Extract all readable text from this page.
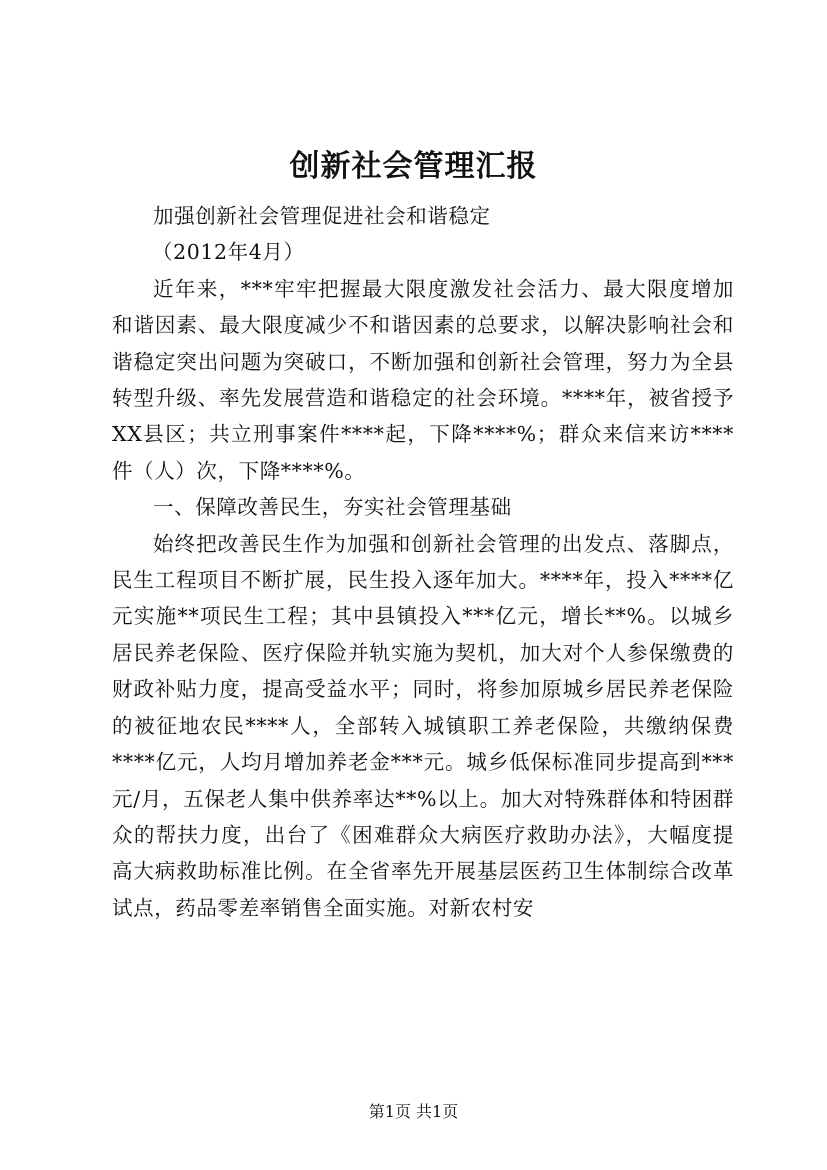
创新社会管理汇报

加强创新社会管理促进社会和谐稳定

（2012年4月）

近年来，***牢牢把握最大限度激发社会活力、最大限度增加和谐因素、最大限度减少不和谐因素的总要求，以解决影响社会和谐稳定突出问题为突破口，不断加强和创新社会管理，努力为全县转型升级、率先发展营造和谐稳定的社会环境。****年，被省授予XX县区；共立刑事案件****起，下降****%；群众来信来访****件（人）次，下降****%。

一、保障改善民生，夯实社会管理基础

始终把改善民生作为加强和创新社会管理的出发点、落脚点，民生工程项目不断扩展，民生投入逐年加大。****年，投入****亿元实施**项民生工程；其中县镇投入***亿元，增长**%。以城乡居民养老保险、医疗保险并轨实施为契机，加大对个人参保缴费的财政补贴力度，提高受益水平；同时，将参加原城乡居民养老保险的被征地农民****人，全部转入城镇职工养老保险，共缴纳保费****亿元，人均月增加养老金***元。城乡低保标准同步提高到***元/月，五保老人集中供养率达**%以上。加大对特殊群体和特困群众的帮扶力度，出台了《困难群众大病医疗救助办法》，大幅度提高大病救助标准比例。在全省率先开展基层医药卫生体制综合改革试点，药品零差率销售全面实施。对新农村安

第1页 共1页
